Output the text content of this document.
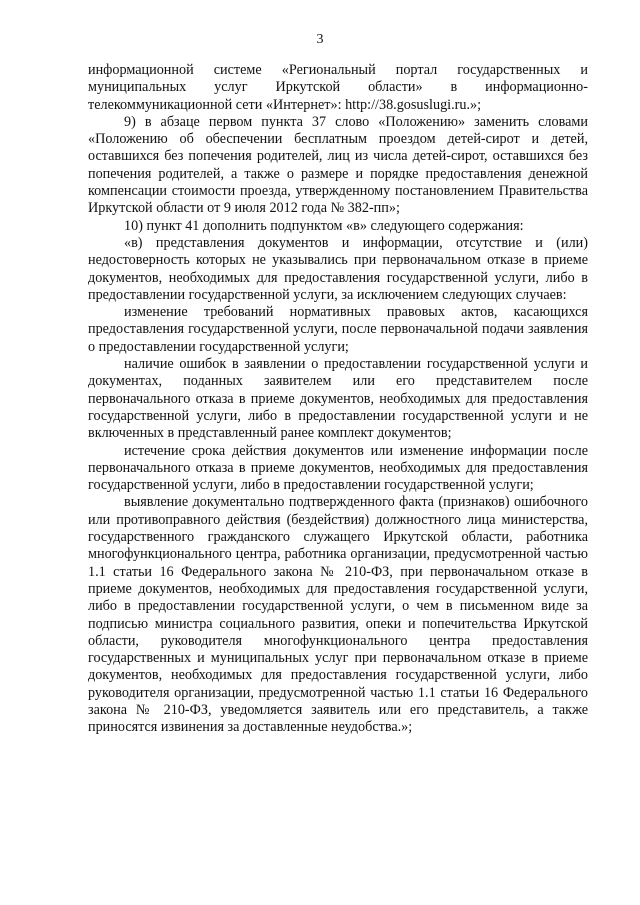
3

информационной системе «Региональный портал государственных и муниципальных услуг Иркутской области» в информационно-телекоммуникационной сети «Интернет»: http://38.gosuslugi.ru.»;

9) в абзаце первом пункта 37 слово «Положению» заменить словами «Положению об обеспечении бесплатным проездом детей-сирот и детей, оставшихся без попечения родителей, лиц из числа детей-сирот, оставшихся без попечения родителей, а также о размере и порядке предоставления денежной компенсации стоимости проезда, утвержденному постановлением Правительства Иркутской области от 9 июля 2012 года № 382-пп»;

10) пункт 41 дополнить подпунктом «в» следующего содержания:

«в) представления документов и информации, отсутствие и (или) недостоверность которых не указывались при первоначальном отказе в приеме документов, необходимых для предоставления государственной услуги, либо в предоставлении государственной услуги, за исключением следующих случаев:

изменение требований нормативных правовых актов, касающихся предоставления государственной услуги, после первоначальной подачи заявления о предоставлении государственной услуги;

наличие ошибок в заявлении о предоставлении государственной услуги и документах, поданных заявителем или его представителем после первоначального отказа в приеме документов, необходимых для предоставления государственной услуги, либо в предоставлении государственной услуги и не включенных в представленный ранее комплект документов;

истечение срока действия документов или изменение информации после первоначального отказа в приеме документов, необходимых для предоставления государственной услуги, либо в предоставлении государственной услуги;

выявление документально подтвержденного факта (признаков) ошибочного или противоправного действия (бездействия) должностного лица министерства, государственного гражданского служащего Иркутской области, работника многофункционального центра, работника организации, предусмотренной частью 1.1 статьи 16 Федерального закона № 210-ФЗ, при первоначальном отказе в приеме документов, необходимых для предоставления государственной услуги, либо в предоставлении государственной услуги, о чем в письменном виде за подписью министра социального развития, опеки и попечительства Иркутской области, руководителя многофункционального центра предоставления государственных и муниципальных услуг при первоначальном отказе в приеме документов, необходимых для предоставления государственной услуги, либо руководителя организации, предусмотренной частью 1.1 статьи 16 Федерального закона № 210-ФЗ, уведомляется заявитель или его представитель, а также приносятся извинения за доставленные неудобства.»;
